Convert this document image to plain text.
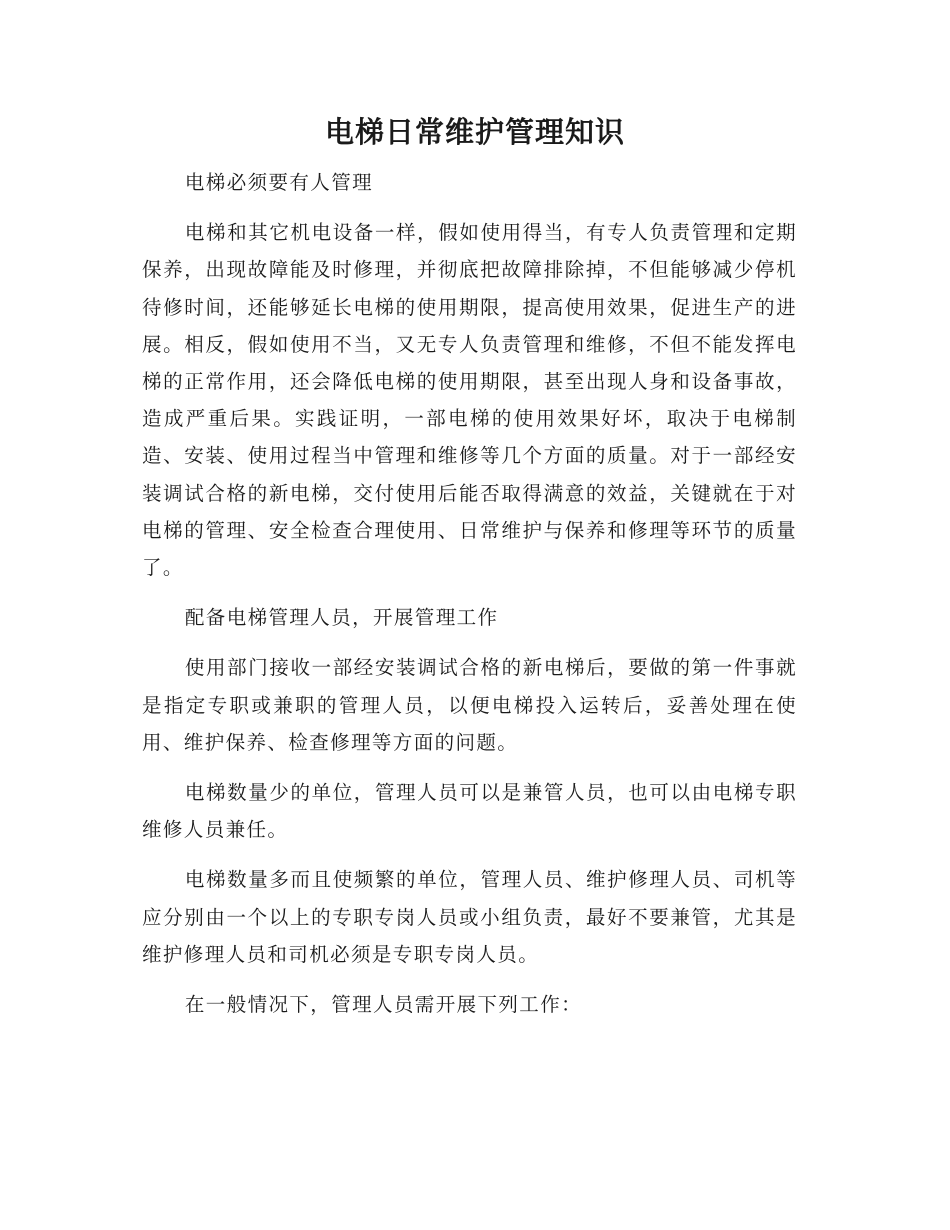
电梯日常维护管理知识

电梯必须要有人管理

电梯和其它机电设备一样，假如使用得当，有专人负责管理和定期保养，出现故障能及时修理，并彻底把故障排除掉，不但能够减少停机待修时间，还能够延长电梯的使用期限，提高使用效果，促进生产的进展。相反，假如使用不当，又无专人负责管理和维修，不但不能发挥电梯的正常作用，还会降低电梯的使用期限，甚至出现人身和设备事故，造成严重后果。实践证明，一部电梯的使用效果好坏，取决于电梯制造、安装、使用过程当中管理和维修等几个方面的质量。对于一部经安装调试合格的新电梯，交付使用后能否取得满意的效益，关键就在于对电梯的管理、安全检查合理使用、日常维护与保养和修理等环节的质量了。

配备电梯管理人员，开展管理工作

使用部门接收一部经安装调试合格的新电梯后，要做的第一件事就是指定专职或兼职的管理人员，以便电梯投入运转后，妥善处理在使用、维护保养、检查修理等方面的问题。

电梯数量少的单位，管理人员可以是兼管人员，也可以由电梯专职维修人员兼任。

电梯数量多而且使频繁的单位，管理人员、维护修理人员、司机等应分别由一个以上的专职专岗人员或小组负责，最好不要兼管，尤其是维护修理人员和司机必须是专职专岗人员。

在一般情况下，管理人员需开展下列工作：
